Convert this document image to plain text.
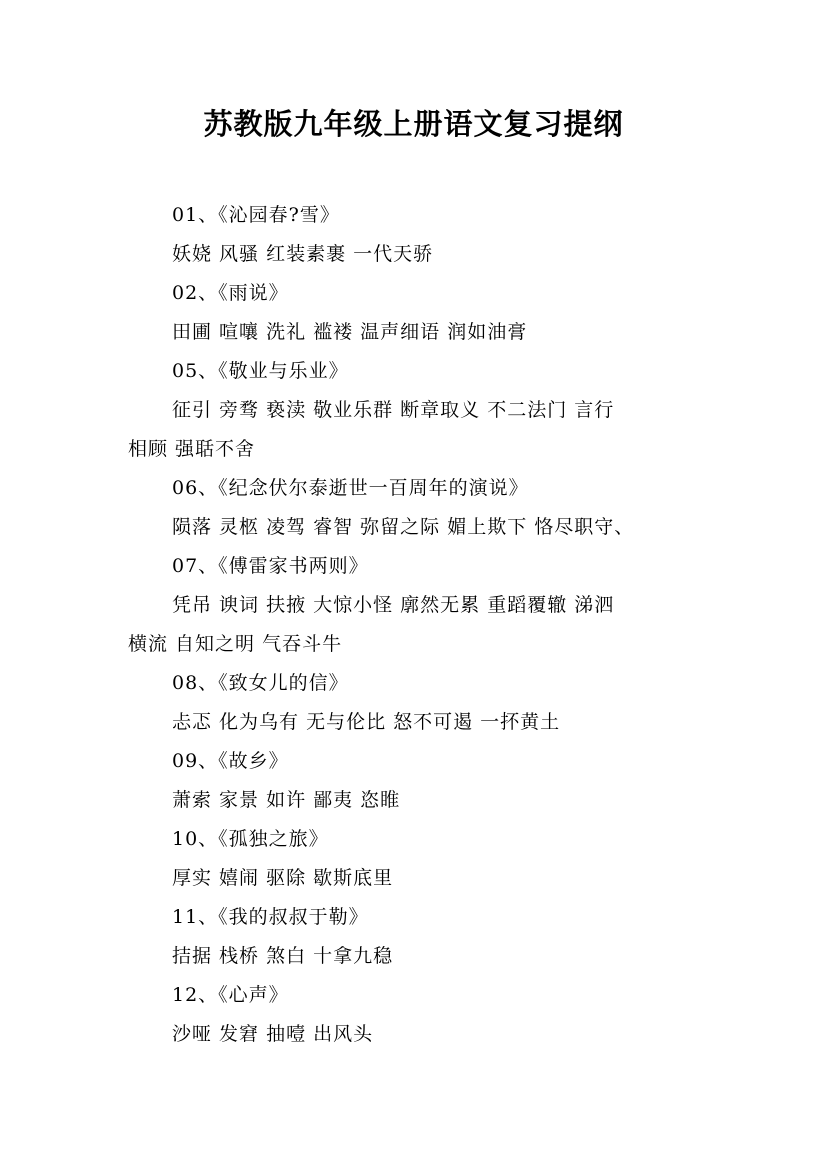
苏教版九年级上册语文复习提纲
01、《沁园春?雪》
妖娆 风骚 红装素裹 一代天骄
02、《雨说》
田圃 喧嚷 洗礼 褴褛 温声细语 润如油膏
05、《敬业与乐业》
征引 旁骛 亵渎 敬业乐群 断章取义 不二法门 言行
相顾 强聒不舍
06、《纪念伏尔泰逝世一百周年的演说》
陨落 灵柩 凌驾 睿智 弥留之际 媚上欺下 恪尽职守、
07、《傅雷家书两则》
凭吊 谀词 扶掖 大惊小怪 廓然无累 重蹈覆辙 涕泗
横流 自知之明 气吞斗牛
08、《致女儿的信》
忐忑 化为乌有 无与伦比 怒不可遏 一抔黄土
09、《故乡》
萧索 家景 如许 鄙夷 恣睢
10、《孤独之旅》
厚实 嬉闹 驱除 歇斯底里
11、《我的叔叔于勒》
拮据 栈桥 煞白 十拿九稳
12、《心声》
沙哑 发窘 抽噎 出风头
